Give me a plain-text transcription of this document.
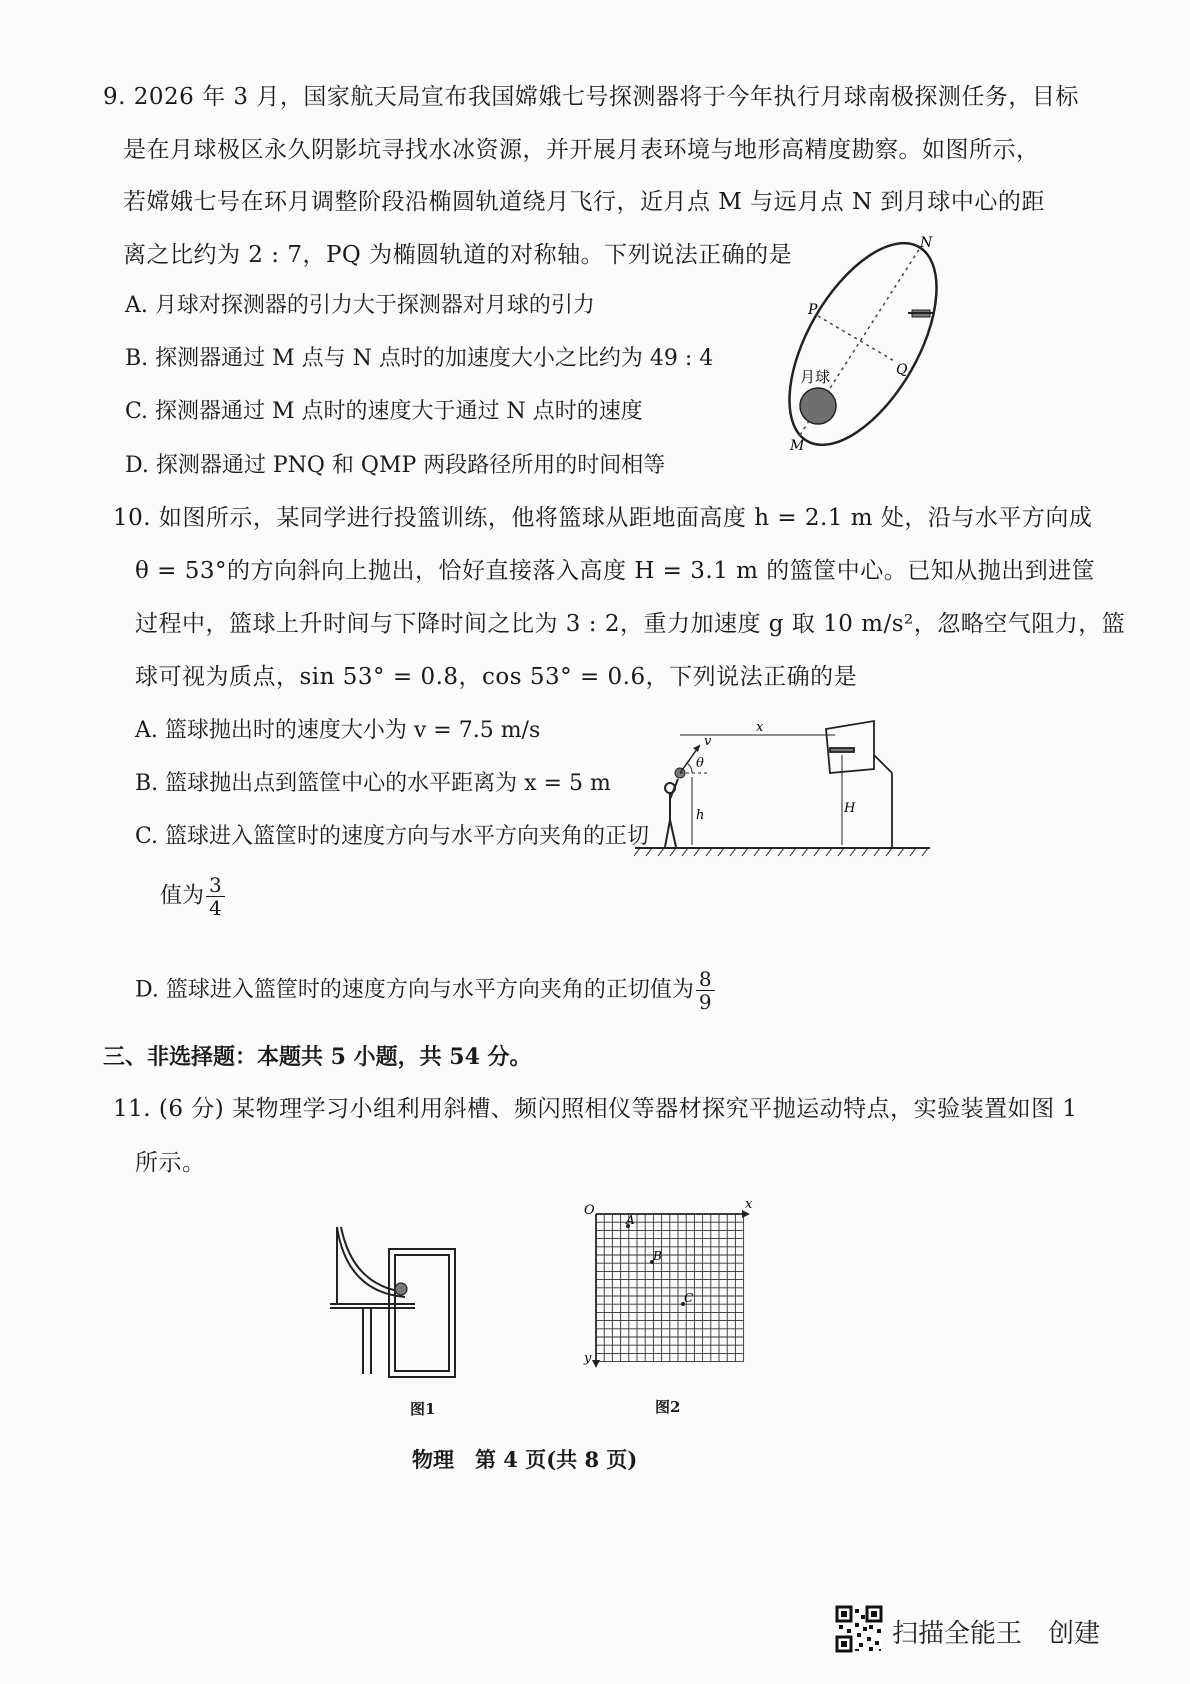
9. 2026 年 3 月，国家航天局宣布我国嫦娥七号探测器将于今年执行月球南极探测任务，目标
是在月球极区永久阴影坑寻找水冰资源，并开展月表环境与地形高精度勘察。如图所示，
若嫦娥七号在环月调整阶段沿椭圆轨道绕月飞行，近月点 M 与远月点 N 到月球中心的距
离之比约为 2 : 7，PQ 为椭圆轨道的对称轴。下列说法正确的是
A. 月球对探测器的引力大于探测器对月球的引力
B. 探测器通过 M 点与 N 点时的加速度大小之比约为 49 : 4
C. 探测器通过 M 点时的速度大于通过 N 点时的速度
D. 探测器通过 PNQ 和 QMP 两段路径所用的时间相等
月球
N
P
Q
M
10. 如图所示，某同学进行投篮训练，他将篮球从距地面高度 h = 2.1 m 处，沿与水平方向成
θ = 53°的方向斜向上抛出，恰好直接落入高度 H = 3.1 m 的篮筐中心。已知从抛出到进筐
过程中，篮球上升时间与下降时间之比为 3 : 2，重力加速度 g 取 10 m/s²，忽略空气阻力，篮
球可视为质点，sin 53° = 0.8，cos 53° = 0.6，下列说法正确的是
A. 篮球抛出时的速度大小为 v = 7.5 m/s
B. 篮球抛出点到篮筐中心的水平距离为 x = 5 m
C. 篮球进入篮筐时的速度方向与水平方向夹角的正切
值为 $\frac{3}{4}$
D. 篮球进入篮筐时的速度方向与水平方向夹角的正切值为 $\frac{8}{9}$
x
v
θ
h	H
三、非选择题：本题共 5 小题，共 54 分。
11. (6 分) 某物理学习小组利用斜槽、频闪照相仪等器材探究平抛运动特点，实验装置如图 1
所示。
图1
O	x
y
A
B
C
图2
物理　第 4 页(共 8 页)
扫描全能王　创建
